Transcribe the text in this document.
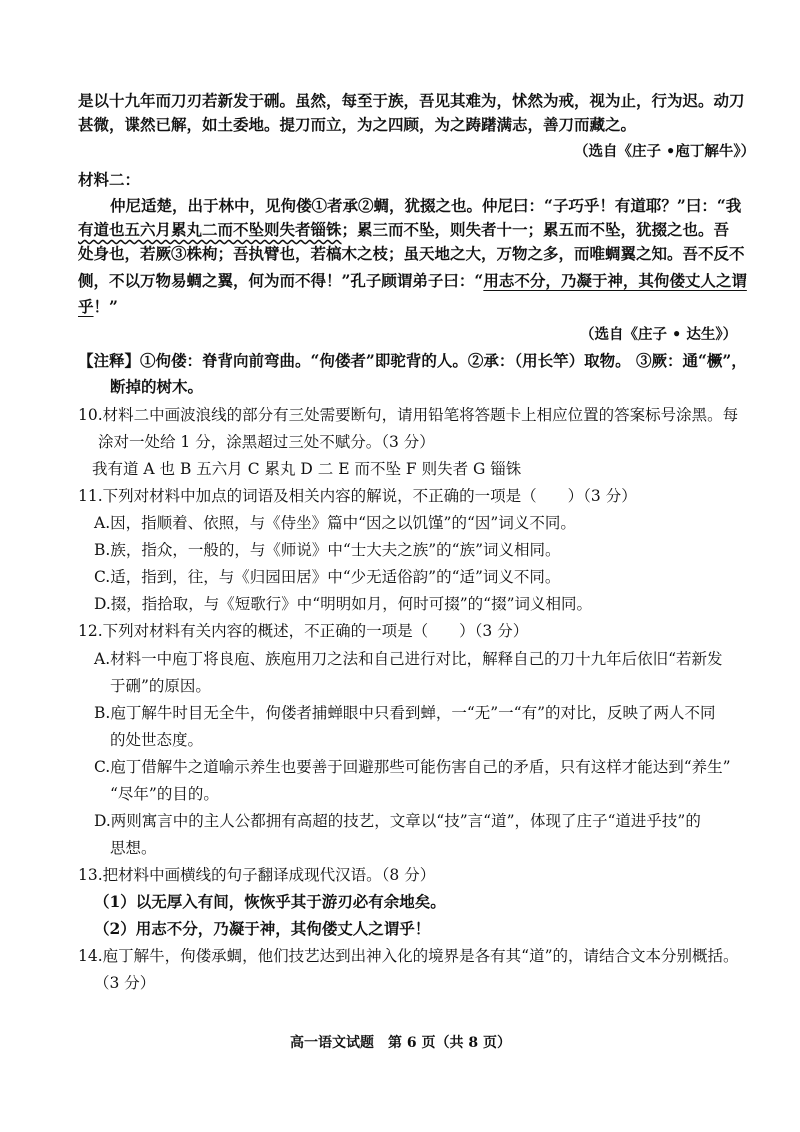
是以十九年而刀刃若新发于硎。虽然，每至于族，吾见其难为，怵然为戒，视为止，行为迟。动刀
甚微，谍然已解，如土委地。提刀而立，为之四顾，为之踌躇满志，善刀而藏之。
（选自《庄子 •庖丁解牛》）
材料二：
仲尼适楚，出于林中，见佝偻①者承②蜩，犹掇之也。仲尼曰：“子巧乎！有道耶？”曰：“我
有道也五六月累丸二而不坠则失者锱铢；累三而不坠，则失者十一；累五而不坠，犹掇之也。吾
处身也，若厥③株枸；吾执臂也，若槁木之枝；虽天地之大，万物之多，而唯蜩翼之知。吾不反不
侧，不以万物易蜩之翼，何为而不得！”孔子顾谓弟子曰：“用志不分，乃凝于神，其佝偻丈人之谓
乎！”
（选自《庄子 • 达生》）
【注释】①佝偻：脊背向前弯曲。“佝偻者”即驼背的人。②承：（用长竿）取物。 ③厥：通“橛”，
断掉的树木。
10.材料二中画波浪线的部分有三处需要断句，请用铅笔将答题卡上相应位置的答案标号涂黑。每
涂对一处给 1 分，涂黑超过三处不赋分。（3 分）
我有道 A 也 B 五六月 C 累丸 D 二 E 而不坠 F 则失者 G 锱铢
11.下列对材料中加点的词语及相关内容的解说，不正确的一项是（　　）（3 分）
A.因，指顺着、依照，与《侍坐》篇中“因之以饥馑”的“因”词义不同。
B.族，指众，一般的，与《师说》中“士大夫之族”的“族”词义相同。
C.适，指到，往，与《归园田居》中“少无适俗韵”的“适”词义不同。
D.掇，指拾取，与《短歌行》中“明明如月，何时可掇”的“掇”词义相同。
12.下列对材料有关内容的概述，不正确的一项是（　　）（3 分）
A.材料一中庖丁将良庖、族庖用刀之法和自己进行对比，解释自己的刀十九年后依旧“若新发
于硎”的原因。
B.庖丁解牛时目无全牛，佝偻者捕蝉眼中只看到蝉，一“无”一“有”的对比，反映了两人不同
的处世态度。
C.庖丁借解牛之道喻示养生也要善于回避那些可能伤害自己的矛盾，只有这样才能达到“养生”
“尽年”的目的。
D.两则寓言中的主人公都拥有高超的技艺，文章以“技”言“道”，体现了庄子“道进乎技”的
思想。
13.把材料中画横线的句子翻译成现代汉语。（8 分）
（1）以无厚入有间，恢恢乎其于游刃必有余地矣。
（2）用志不分，乃凝于神，其佝偻丈人之谓乎！
14.庖丁解牛，佝偻承蜩，他们技艺达到出神入化的境界是各有其“道”的，请结合文本分别概括。
（3 分）
高一语文试题　第 6 页（共 8 页）
